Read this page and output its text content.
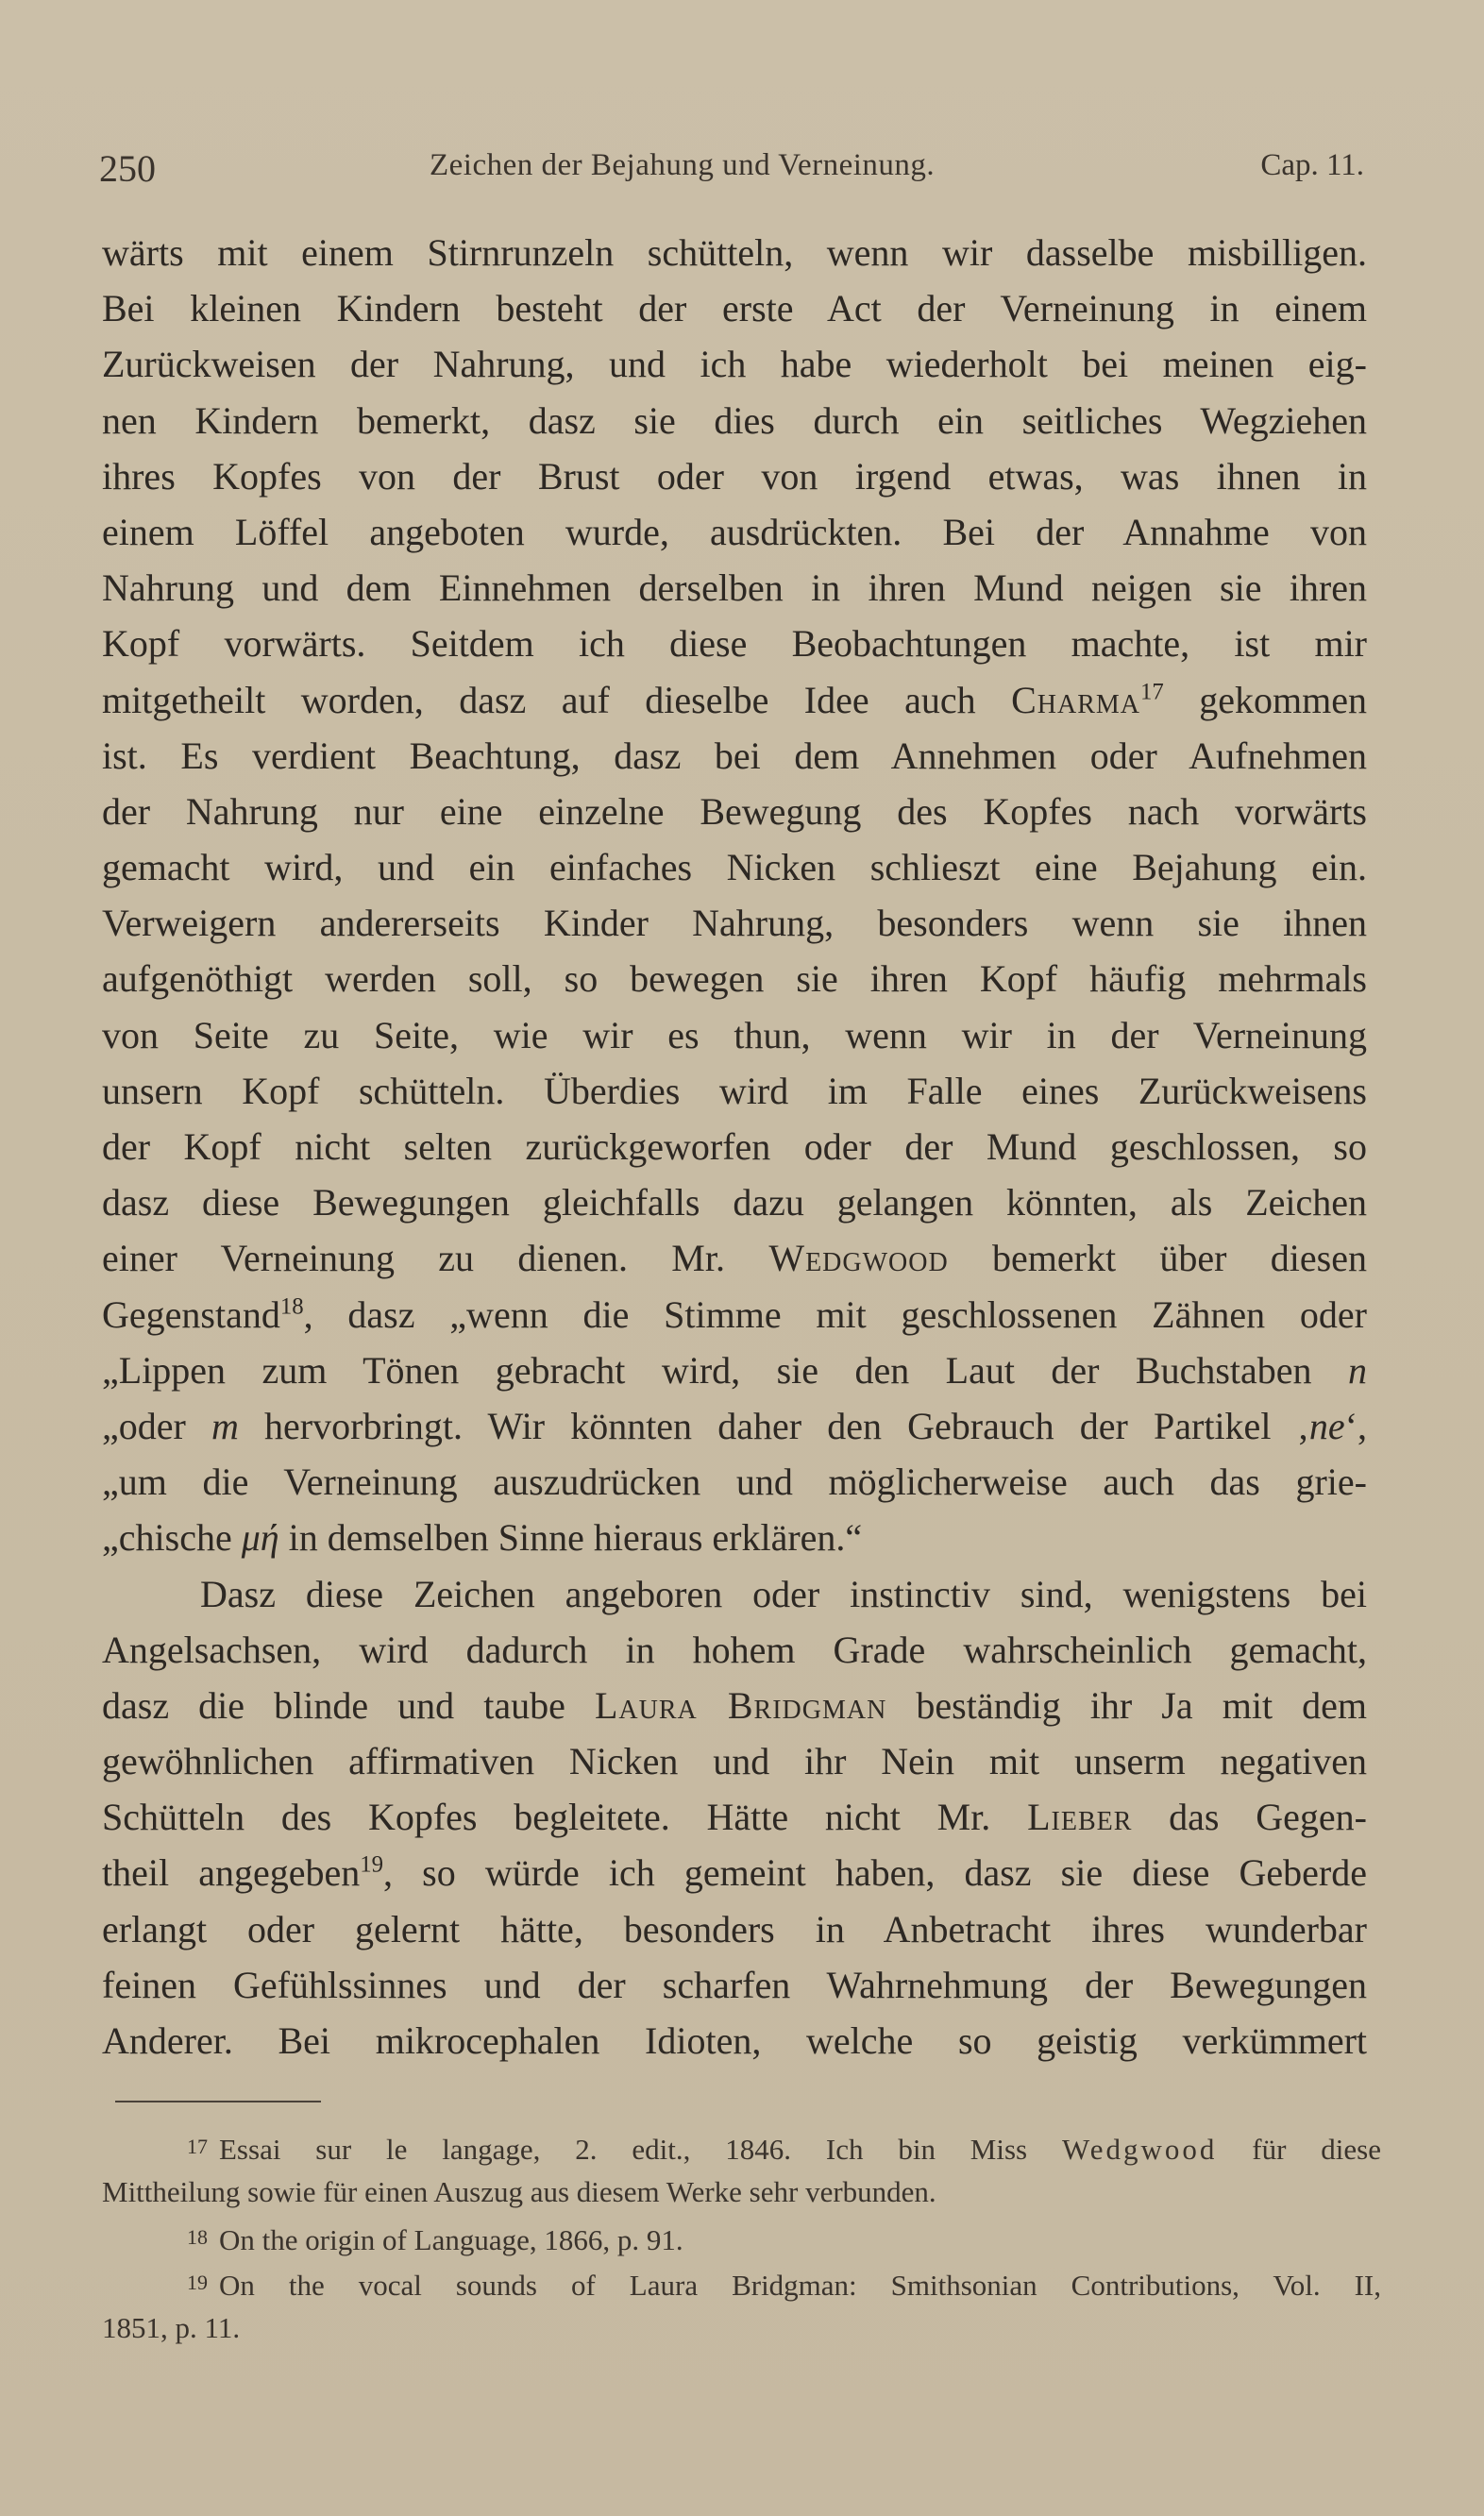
250	Zeichen der Bejahung und Verneinung.	Cap. 11.
wärts mit einem Stirnrunzeln schütteln, wenn wir dasselbe misbilligen.
Bei kleinen Kindern besteht der erste Act der Verneinung in einem
Zurückweisen der Nahrung, und ich habe wiederholt bei meinen eig-
nen Kindern bemerkt, dasz sie dies durch ein seitliches Wegziehen
ihres Kopfes von der Brust oder von irgend etwas, was ihnen in
einem Löffel angeboten wurde, ausdrückten. Bei der Annahme von
Nahrung und dem Einnehmen derselben in ihren Mund neigen sie ihren
Kopf vorwärts. Seitdem ich diese Beobachtungen machte, ist mir
mitgetheilt worden, dasz auf dieselbe Idee auch Charma$^{17}$ gekommen
ist. Es verdient Beachtung, dasz bei dem Annehmen oder Aufnehmen
der Nahrung nur eine einzelne Bewegung des Kopfes nach vorwärts
gemacht wird, und ein einfaches Nicken schlieszt eine Bejahung ein.
Verweigern andererseits Kinder Nahrung, besonders wenn sie ihnen
aufgenöthigt werden soll, so bewegen sie ihren Kopf häufig mehrmals
von Seite zu Seite, wie wir es thun, wenn wir in der Verneinung
unsern Kopf schütteln. Überdies wird im Falle eines Zurückweisens
der Kopf nicht selten zurückgeworfen oder der Mund geschlossen, so
dasz diese Bewegungen gleichfalls dazu gelangen könnten, als Zeichen
einer Verneinung zu dienen. Mr. Wedgwood bemerkt über diesen
Gegenstand$^{18}$, dasz „wenn die Stimme mit geschlossenen Zähnen oder
„Lippen zum Tönen gebracht wird, sie den Laut der Buchstaben n
„oder m hervorbringt. Wir könnten daher den Gebrauch der Partikel ‚ne‘,
„um die Verneinung auszudrücken und möglicherweise auch das grie-
„chische μή in demselben Sinne hieraus erklären.“
Dasz diese Zeichen angeboren oder instinctiv sind, wenigstens bei
Angelsachsen, wird dadurch in hohem Grade wahrscheinlich gemacht,
dasz die blinde und taube Laura Bridgman beständig ihr Ja mit dem
gewöhnlichen affirmativen Nicken und ihr Nein mit unserm negativen
Schütteln des Kopfes begleitete. Hätte nicht Mr. Lieber das Gegen-
theil angegeben$^{19}$, so würde ich gemeint haben, dasz sie diese Geberde
erlangt oder gelernt hätte, besonders in Anbetracht ihres wunderbar
feinen Gefühlssinnes und der scharfen Wahrnehmung der Bewegungen
Anderer. Bei mikrocephalen Idioten, welche so geistig verkümmert
17 Essai sur le langage, 2. edit., 1846. Ich bin Miss Wedgwood für diese
Mittheilung sowie für einen Auszug aus diesem Werke sehr verbunden.
18 On the origin of Language, 1866, p. 91.
19 On the vocal sounds of Laura Bridgman: Smithsonian Contributions, Vol. II,
1851, p. 11.
